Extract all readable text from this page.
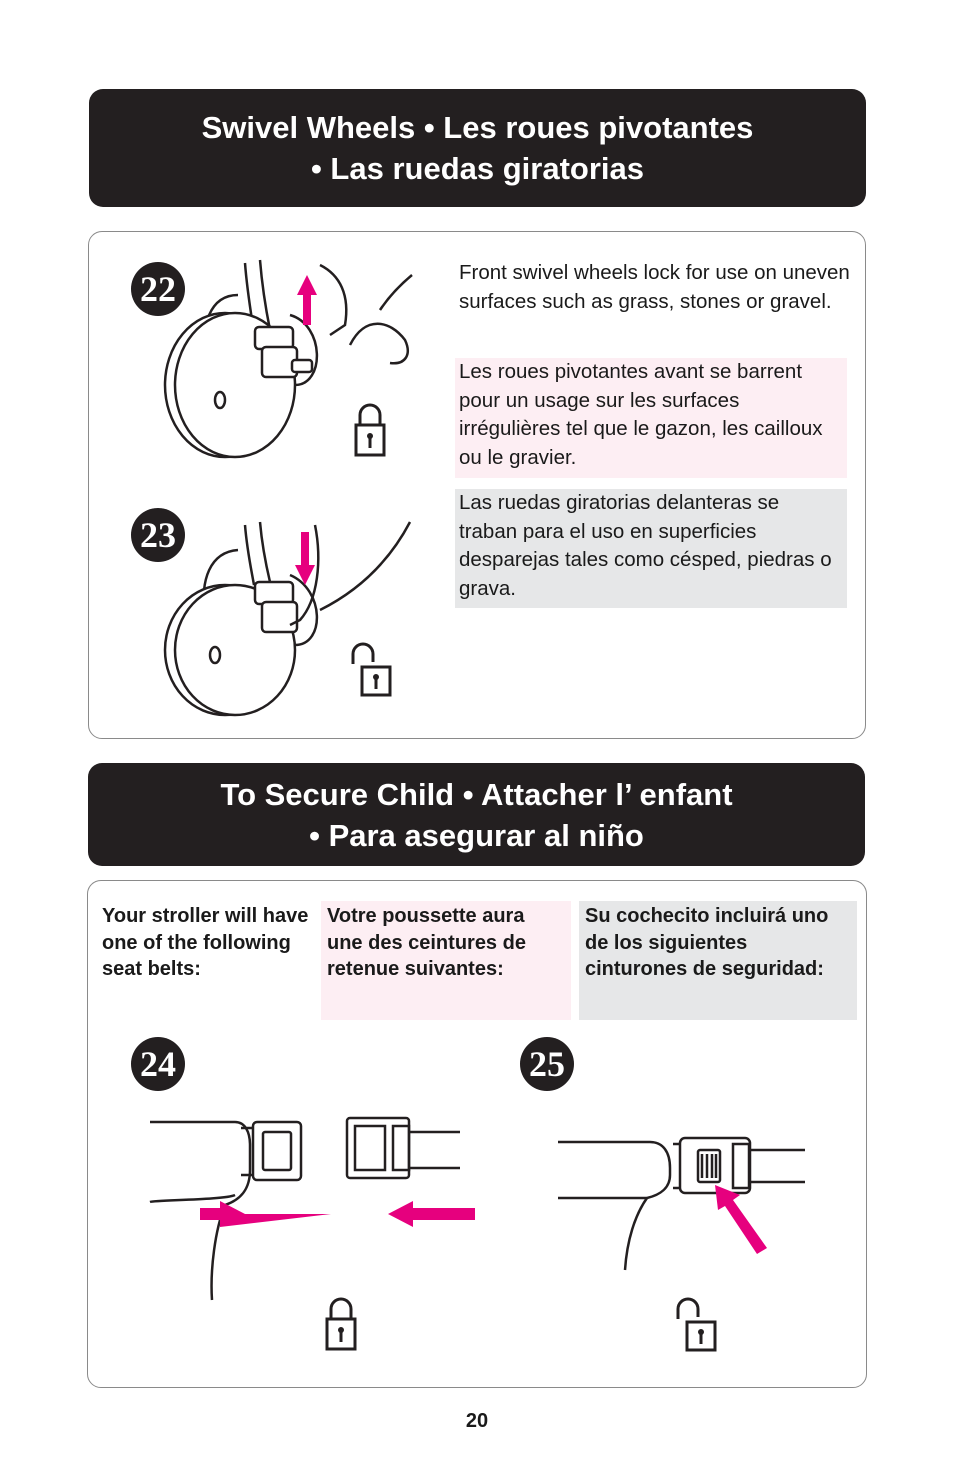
Swivel Wheels • Les roues pivotantes
• Las ruedas giratorias
22
23
Front swivel wheels lock for use on uneven surfaces such as grass, stones or gravel.
Les roues pivotantes avant se barrent pour un usage sur les surfaces irrégulières tel que le gazon, les cailloux ou le gravier.
Las ruedas giratorias delanteras se traban para el uso en superficies desparejas tales como césped, piedras o grava.
To Secure Child • Attacher l’ enfant
• Para asegurar al niño
Your stroller will have one of the following seat belts:
Votre poussette aura une des ceintures de retenue suivantes:
Su cochecito incluirá uno de los siguientes cinturones de seguridad:
24	25
20
